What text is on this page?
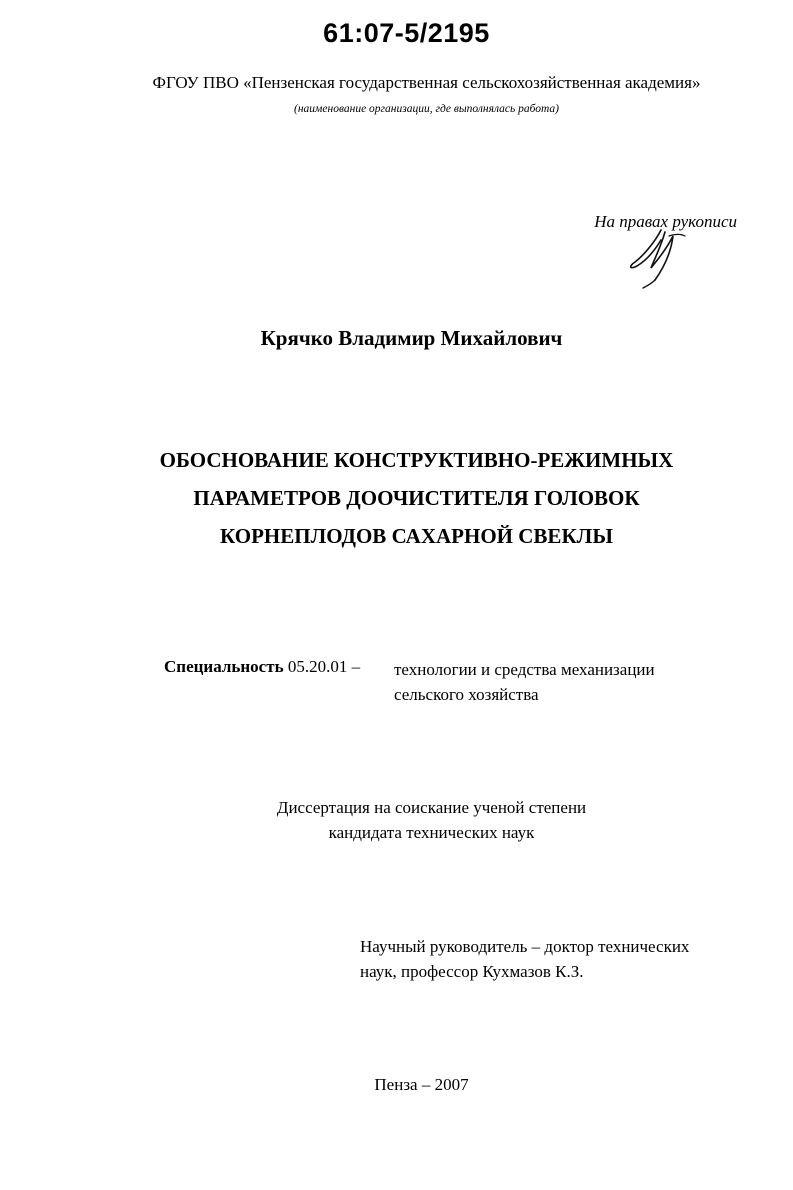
61:07-5/2195

ФГОУ ПВО «Пензенская государственная сельскохозяйственная академия»

(наименование организации, где выполнялась работа)

На правах рукописи

Крячко Владимир Михайлович

ОБОСНОВАНИЕ КОНСТРУКТИВНО-РЕЖИМНЫХ
ПАРАМЕТРОВ ДООЧИСТИТЕЛЯ ГОЛОВОК
КОРНЕПЛОДОВ САХАРНОЙ СВЕКЛЫ

Специальность 05.20.01 – технологии и средства механизации
сельского хозяйства
Диссертация на соискание ученой степени
кандидата технических наук
Научный руководитель – доктор технических
наук, профессор Кухмазов К.З.

Пенза – 2007
